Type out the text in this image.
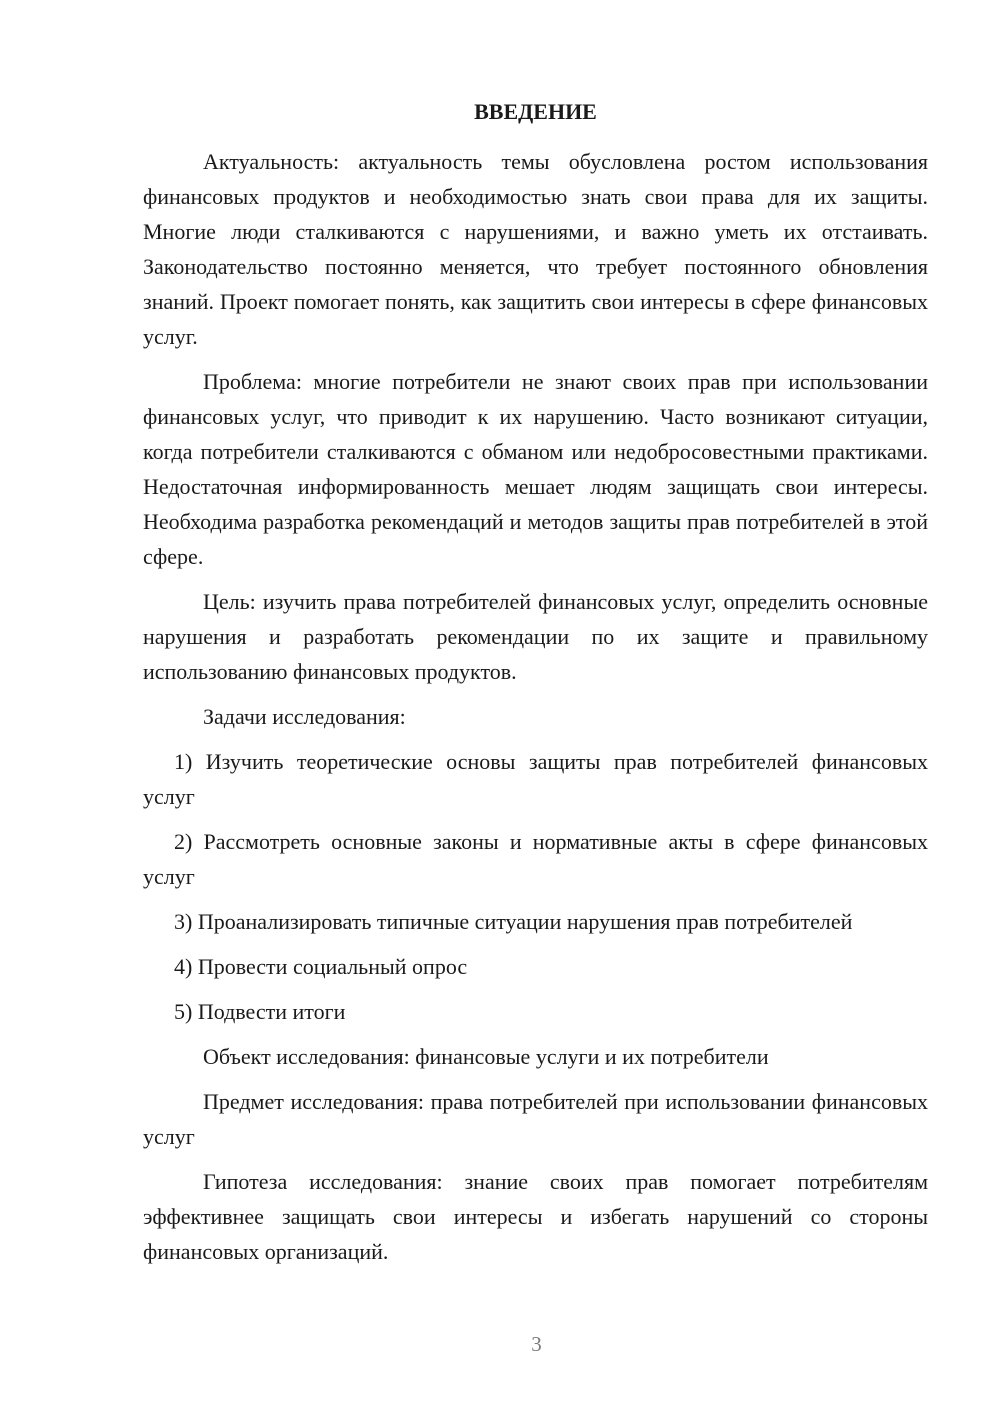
ВВЕДЕНИЕ

Актуальность: актуальность темы обусловлена ростом использования финансовых продуктов и необходимостью знать свои права для их защиты. Многие люди сталкиваются с нарушениями, и важно уметь их отстаивать. Законодательство постоянно меняется, что требует постоянного обновления знаний. Проект помогает понять, как защитить свои интересы в сфере финансовых услуг.

Проблема: многие потребители не знают своих прав при использовании финансовых услуг, что приводит к их нарушению. Часто возникают ситуации, когда потребители сталкиваются с обманом или недобросовестными практиками. Недостаточная информированность мешает людям защищать свои интересы. Необходима разработка рекомендаций и методов защиты прав потребителей в этой сфере.

Цель: изучить права потребителей финансовых услуг, определить основные нарушения и разработать рекомендации по их защите и правильному использованию финансовых продуктов.

Задачи исследования:

1) Изучить теоретические основы защиты прав потребителей финансовых услуг

2) Рассмотреть основные законы и нормативные акты в сфере финансовых услуг

3) Проанализировать типичные ситуации нарушения прав потребителей

4) Провести социальный опрос

5) Подвести итоги

Объект исследования: финансовые услуги и их потребители

Предмет исследования: права потребителей при использовании финансовых услуг

Гипотеза исследования: знание своих прав помогает потребителям эффективнее защищать свои интересы и избегать нарушений со стороны финансовых организаций.

3
